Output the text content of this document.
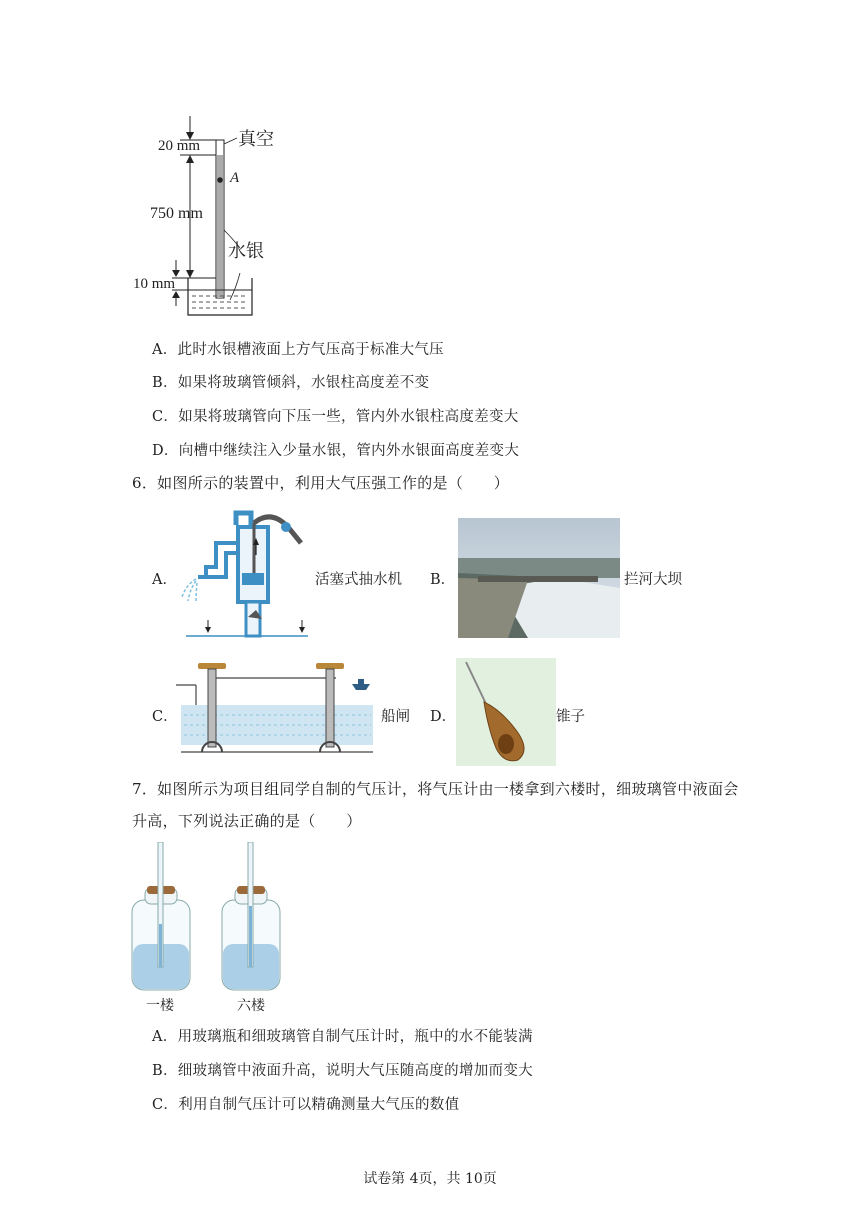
真空
A
20 mm
750 mm
水银
10 mm
A．此时水银槽液面上方气压高于标准大气压
B．如果将玻璃管倾斜，水银柱高度差不变
C．如果将玻璃管向下压一些，管内外水银柱高度差变大
D．向槽中继续注入少量水银，管内外水银面高度差变大
6．如图所示的装置中，利用大气压强工作的是（　　）
A．	活塞式抽水机 B．	拦河大坝
C．	船闸 D．	锥子
7．如图所示为项目组同学自制的气压计，将气压计由一楼拿到六楼时，细玻璃管中液面会
升高，下列说法正确的是（　　）
一楼	六楼
A．用玻璃瓶和细玻璃管自制气压计时，瓶中的水不能装满
B．细玻璃管中液面升高，说明大气压随高度的增加而变大
C．利用自制气压计可以精确测量大气压的数值
试卷第 4页，共 10页
